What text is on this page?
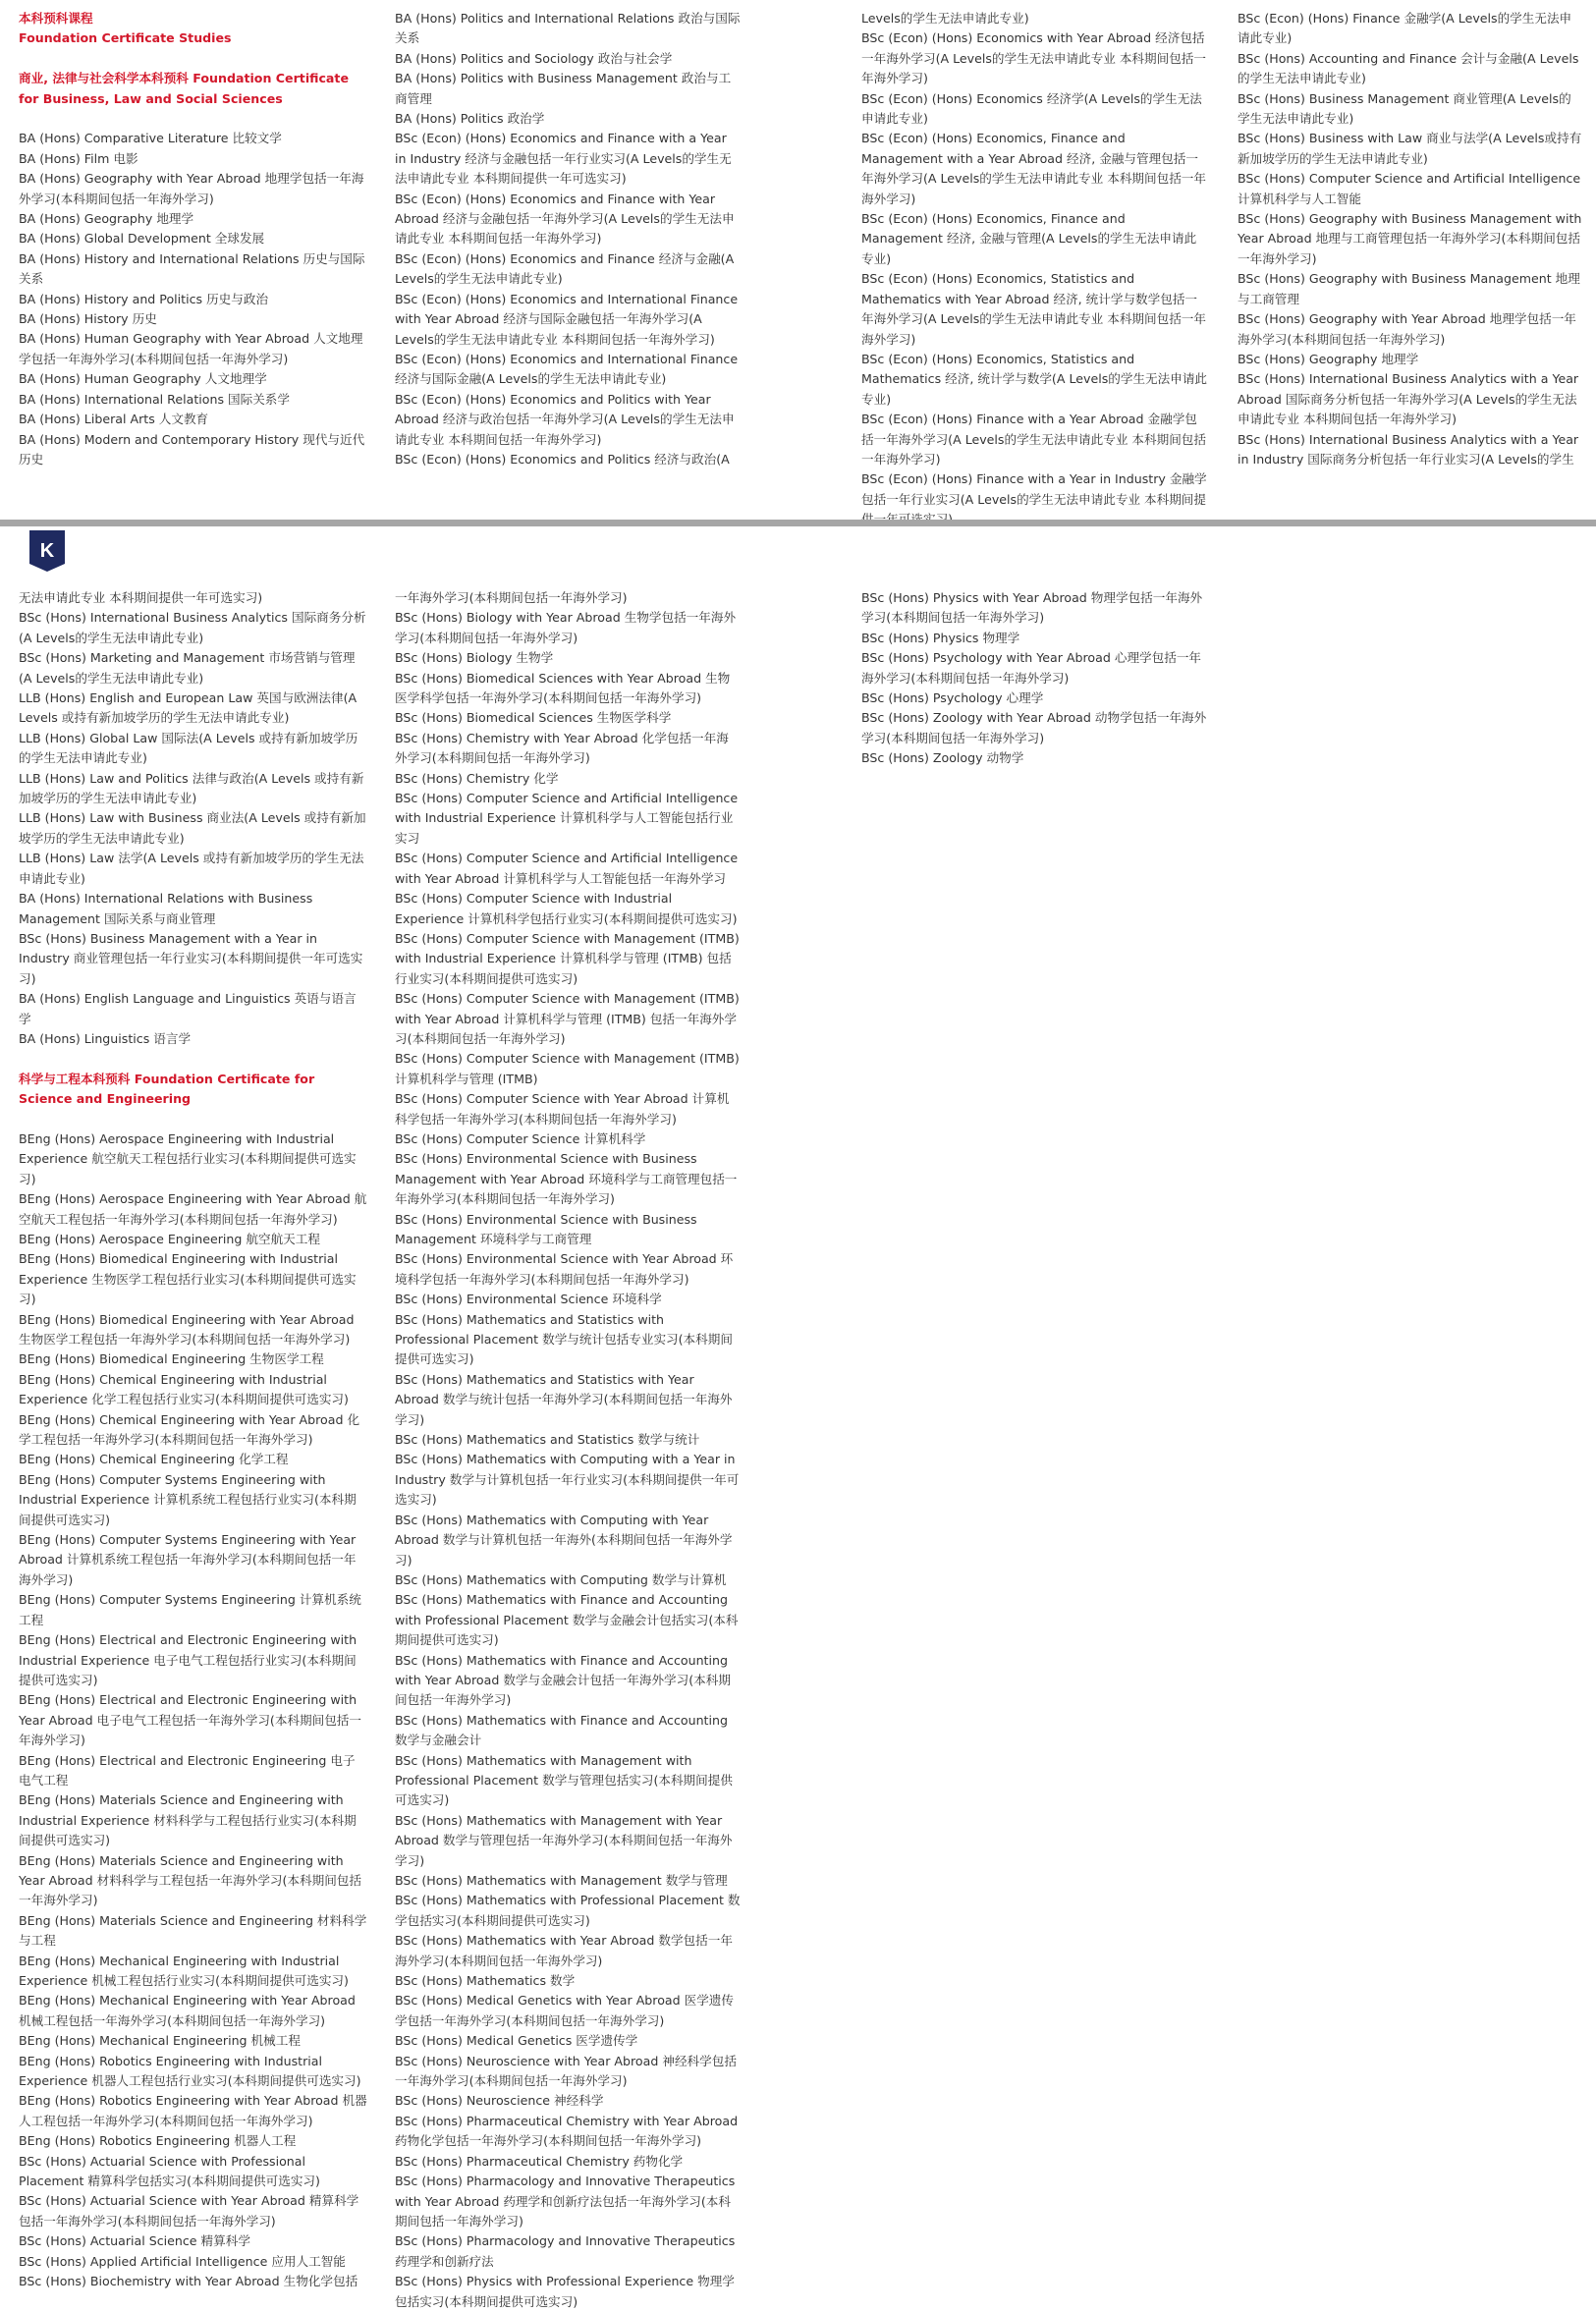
本科预科课程

Foundation Certificate Studies

商业, 法律与社会科学本科预科 Foundation Certificate for Business, Law and Social Sciences

BA (Hons) Comparative Literature 比较文学

BA (Hons) Film 电影

BA (Hons) Geography with Year Abroad 地理学包括一年海外学习(本科期间包括一年海外学习)

BA (Hons) Geography 地理学

BA (Hons) Global Development 全球发展

BA (Hons) History and International Relations 历史与国际关系

BA (Hons) History and Politics 历史与政治

BA (Hons) History 历史

BA (Hons) Human Geography with Year Abroad 人文地理学包括一年海外学习(本科期间包括一年海外学习)

BA (Hons) Human Geography 人文地理学

BA (Hons) International Relations 国际关系学

BA (Hons) Liberal Arts 人文教育

BA (Hons) Modern and Contemporary History 现代与近代历史

BA (Hons) Politics and International Relations 政治与国际关系

BA (Hons) Politics and Sociology 政治与社会学

BA (Hons) Politics with Business Management 政治与工商管理

BA (Hons) Politics 政治学

BSc (Econ) (Hons) Economics and Finance with a Year in Industry 经济与金融包括一年行业实习(A Levels的学生无法申请此专业 本科期间提供一年可选实习)

BSc (Econ) (Hons) Economics and Finance with Year Abroad 经济与金融包括一年海外学习(A Levels的学生无法申请此专业 本科期间包括一年海外学习)

BSc (Econ) (Hons) Economics and Finance 经济与金融(A Levels的学生无法申请此专业)

BSc (Econ) (Hons) Economics and International Finance with Year Abroad 经济与国际金融包括一年海外学习(A Levels的学生无法申请此专业 本科期间包括一年海外学习)

BSc (Econ) (Hons) Economics and International Finance 经济与国际金融(A Levels的学生无法申请此专业)

BSc (Econ) (Hons) Economics and Politics with Year Abroad 经济与政治包括一年海外学习(A Levels的学生无法申请此专业 本科期间包括一年海外学习)

BSc (Econ) (Hons) Economics and Politics 经济与政治(A

Levels的学生无法申请此专业)

BSc (Econ) (Hons) Economics with Year Abroad 经济包括一年海外学习(A Levels的学生无法申请此专业 本科期间包括一年海外学习)

BSc (Econ) (Hons) Economics 经济学(A Levels的学生无法申请此专业)

BSc (Econ) (Hons) Economics, Finance and Management with a Year Abroad 经济, 金融与管理包括一年海外学习(A Levels的学生无法申请此专业 本科期间包括一年海外学习)

BSc (Econ) (Hons) Economics, Finance and Management 经济, 金融与管理(A Levels的学生无法申请此专业)

BSc (Econ) (Hons) Economics, Statistics and Mathematics with Year Abroad 经济, 统计学与数学包括一年海外学习(A Levels的学生无法申请此专业 本科期间包括一年海外学习)

BSc (Econ) (Hons) Economics, Statistics and Mathematics 经济, 统计学与数学(A Levels的学生无法申请此专业)

BSc (Econ) (Hons) Finance with a Year Abroad 金融学包括一年海外学习(A Levels的学生无法申请此专业 本科期间包括一年海外学习)

BSc (Econ) (Hons) Finance with a Year in Industry 金融学包括一年行业实习(A Levels的学生无法申请此专业 本科期间提

BSc (Econ) (Hons) Finance 金融学(A Levels的学生无法申请此专业)

BSc (Hons) Accounting and Finance 会计与金融(A Levels的学生无法申请此专业)

BSc (Hons) Business Management 商业管理(A Levels的学生无法申请此专业)

BSc (Hons) Business with Law 商业与法学(A Levels或持有新加坡学历的学生无法申请此专业)

BSc (Hons) Computer Science and Artificial Intelligence 计算机科学与人工智能

BSc (Hons) Geography with Business Management with Year Abroad 地理与工商管理包括一年海外学习(本科期间包括一年海外学习)

BSc (Hons) Geography with Business Management 地理与工商管理

BSc (Hons) Geography with Year Abroad 地理学包括一年海外学习(本科期间包括一年海外学习)

BSc (Hons) Geography 地理学

BSc (Hons) International Business Analytics with a Year Abroad 国际商务分析包括一年海外学习(A Levels的学生无法申请此专业 本科期间包括一年海外学习)

BSc (Hons) International Business Analytics with a Year in Industry 国际商务分析包括一年行业实习(A Levels的学生

K

无法申请此专业 本科期间提供一年可选实习)

BSc (Hons) International Business Analytics 国际商务分析(A Levels的学生无法申请此专业)

BSc (Hons) Marketing and Management 市场营销与管理(A Levels的学生无法申请此专业)

LLB (Hons) English and European Law 英国与欧洲法律(A Levels 或持有新加坡学历的学生无法申请此专业)

LLB (Hons) Global Law 国际法(A Levels 或持有新加坡学历的学生无法申请此专业)

LLB (Hons) Law and Politics 法律与政治(A Levels 或持有新加坡学历的学生无法申请此专业)

LLB (Hons) Law with Business 商业法(A Levels 或持有新加坡学历的学生无法申请此专业)

LLB (Hons) Law 法学(A Levels 或持有新加坡学历的学生无法申请此专业)

BA (Hons) International Relations with Business Management 国际关系与商业管理

BSc (Hons) Business Management with a Year in Industry 商业管理包括一年行业实习(本科期间提供一年可选实习)

BA (Hons) English Language and Linguistics 英语与语言学

BA (Hons) Linguistics 语言学

科学与工程本科预科 Foundation Certificate for Science and Engineering

BEng (Hons) Aerospace Engineering with Industrial Experience 航空航天工程包括行业实习(本科期间提供可选实习)

BEng (Hons) Aerospace Engineering with Year Abroad 航空航天工程包括一年海外学习(本科期间包括一年海外学习)

BEng (Hons) Aerospace Engineering 航空航天工程

BEng (Hons) Biomedical Engineering with Industrial Experience 生物医学工程包括行业实习(本科期间提供可选实习)

BEng (Hons) Biomedical Engineering with Year Abroad 生物医学工程包括一年海外学习(本科期间包括一年海外学习)

BEng (Hons) Biomedical Engineering 生物医学工程

BEng (Hons) Chemical Engineering with Industrial Experience 化学工程包括行业实习(本科期间提供可选实习)

BEng (Hons) Chemical Engineering with Year Abroad 化学工程包括一年海外学习(本科期间包括一年海外学习)

BEng (Hons) Chemical Engineering 化学工程

BEng (Hons) Computer Systems Engineering with Industrial Experience 计算机系统工程包括行业实习(本科期间提供可选实习)

BEng (Hons) Computer Systems Engineering with Year Abroad 计算机系统工程包括一年海外学习(本科期间包括一年海外学习)

BEng (Hons) Computer Systems Engineering 计算机系统工程

BEng (Hons) Electrical and Electronic Engineering with Industrial Experience 电子电气工程包括行业实习(本科期间提供可选实习)

BEng (Hons) Electrical and Electronic Engineering with Year Abroad 电子电气工程包括一年海外学习(本科期间包括一年海外学习)

BEng (Hons) Electrical and Electronic Engineering 电子电气工程

BEng (Hons) Materials Science and Engineering with Industrial Experience 材料科学与工程包括行业实习(本科期间提供可选实习)

BEng (Hons) Materials Science and Engineering with Year Abroad 材料科学与工程包括一年海外学习(本科期间包括一年海外学习)

BEng (Hons) Materials Science and Engineering 材料科学与工程

BEng (Hons) Mechanical Engineering with Industrial Experience 机械工程包括行业实习(本科期间提供可选实习)

BEng (Hons) Mechanical Engineering with Year Abroad 机械工程包括一年海外学习(本科期间包括一年海外学习)

BEng (Hons) Mechanical Engineering 机械工程

BEng (Hons) Robotics Engineering with Industrial Experience 机器人工程包括行业实习(本科期间提供可选实习)

BEng (Hons) Robotics Engineering with Year Abroad 机器人工程包括一年海外学习(本科期间包括一年海外学习)

BEng (Hons) Robotics Engineering 机器人工程

BSc (Hons) Actuarial Science with Professional Placement 精算科学包括实习(本科期间提供可选实习)

BSc (Hons) Actuarial Science with Year Abroad 精算科学包括一年海外学习(本科期间包括一年海外学习)

BSc (Hons) Actuarial Science 精算科学

BSc (Hons) Applied Artificial Intelligence 应用人工智能

BSc (Hons) Biochemistry with Year Abroad 生物化学包括

一年海外学习(本科期间包括一年海外学习)

BSc (Hons) Biology with Year Abroad 生物学包括一年海外学习(本科期间包括一年海外学习)

BSc (Hons) Biology 生物学

BSc (Hons) Biomedical Sciences with Year Abroad 生物医学科学包括一年海外学习(本科期间包括一年海外学习)

BSc (Hons) Biomedical Sciences 生物医学科学

BSc (Hons) Chemistry with Year Abroad 化学包括一年海外学习(本科期间包括一年海外学习)

BSc (Hons) Chemistry 化学

BSc (Hons) Computer Science and Artificial Intelligence with Industrial Experience 计算机科学与人工智能包括行业实习

BSc (Hons) Computer Science and Artificial Intelligence with Year Abroad 计算机科学与人工智能包括一年海外学习

BSc (Hons) Computer Science with Industrial Experience 计算机科学包括行业实习(本科期间提供可选实习)

BSc (Hons) Computer Science with Management (ITMB) with Industrial Experience 计算机科学与管理 (ITMB) 包括行业实习(本科期间提供可选实习)

BSc (Hons) Computer Science with Management (ITMB) with Year Abroad 计算机科学与管理 (ITMB) 包括一年海外学习(本科期间包括一年海外学习)

BSc (Hons) Computer Science with Management (ITMB) 计算机科学与管理 (ITMB)

BSc (Hons) Computer Science with Year Abroad 计算机科学包括一年海外学习(本科期间包括一年海外学习)

BSc (Hons) Computer Science 计算机科学

BSc (Hons) Environmental Science with Business Management with Year Abroad 环境科学与工商管理包括一年海外学习(本科期间包括一年海外学习)

BSc (Hons) Environmental Science with Business Management 环境科学与工商管理

BSc (Hons) Environmental Science with Year Abroad 环境科学包括一年海外学习(本科期间包括一年海外学习)

BSc (Hons) Environmental Science 环境科学

BSc (Hons) Mathematics and Statistics with Professional Placement 数学与统计包括专业实习(本科期间提供可选实习)

BSc (Hons) Mathematics and Statistics with Year Abroad 数学与统计包括一年海外学习(本科期间包括一年海外学习)

BSc (Hons) Mathematics and Statistics 数学与统计

BSc (Hons) Mathematics with Computing with a Year in Industry 数学与计算机包括一年行业实习(本科期间提供一年可选实习)

BSc (Hons) Mathematics with Computing with Year Abroad 数学与计算机包括一年海外(本科期间包括一年海外学习)

BSc (Hons) Mathematics with Computing 数学与计算机

BSc (Hons) Mathematics with Finance and Accounting with Professional Placement 数学与金融会计包括实习(本科期间提供可选实习)

BSc (Hons) Mathematics with Finance and Accounting with Year Abroad 数学与金融会计包括一年海外学习(本科期间包括一年海外学习)

BSc (Hons) Mathematics with Finance and Accounting 数学与金融会计

BSc (Hons) Mathematics with Management with Professional Placement 数学与管理包括实习(本科期间提供可选实习)

BSc (Hons) Mathematics with Management with Year Abroad 数学与管理包括一年海外学习(本科期间包括一年海外学习)

BSc (Hons) Mathematics with Management 数学与管理

BSc (Hons) Mathematics with Professional Placement 数学包括实习(本科期间提供可选实习)

BSc (Hons) Mathematics with Year Abroad 数学包括一年海外学习(本科期间包括一年海外学习)

BSc (Hons) Mathematics 数学

BSc (Hons) Medical Genetics with Year Abroad 医学遗传学包括一年海外学习(本科期间包括一年海外学习)

BSc (Hons) Medical Genetics 医学遗传学

BSc (Hons) Neuroscience with Year Abroad 神经科学包括一年海外学习(本科期间包括一年海外学习)

BSc (Hons) Neuroscience 神经科学

BSc (Hons) Pharmaceutical Chemistry with Year Abroad 药物化学包括一年海外学习(本科期间包括一年海外学习)

BSc (Hons) Pharmaceutical Chemistry 药物化学

BSc (Hons) Pharmacology and Innovative Therapeutics with Year Abroad 药理学和创新疗法包括一年海外学习(本科期间包括一年海外学习)

BSc (Hons) Pharmacology and Innovative Therapeutics 药理学和创新疗法

BSc (Hons) Physics with Professional Experience 物理学包括实习(本科期间提供可选实习)

BSc (Hons) Physics with Year Abroad 物理学包括一年海外学习(本科期间包括一年海外学习)

BSc (Hons) Physics 物理学

BSc (Hons) Psychology with Year Abroad 心理学包括一年海外学习(本科期间包括一年海外学习)

BSc (Hons) Psychology 心理学

BSc (Hons) Zoology with Year Abroad 动物学包括一年海外学习(本科期间包括一年海外学习)

BSc (Hons) Zoology 动物学
